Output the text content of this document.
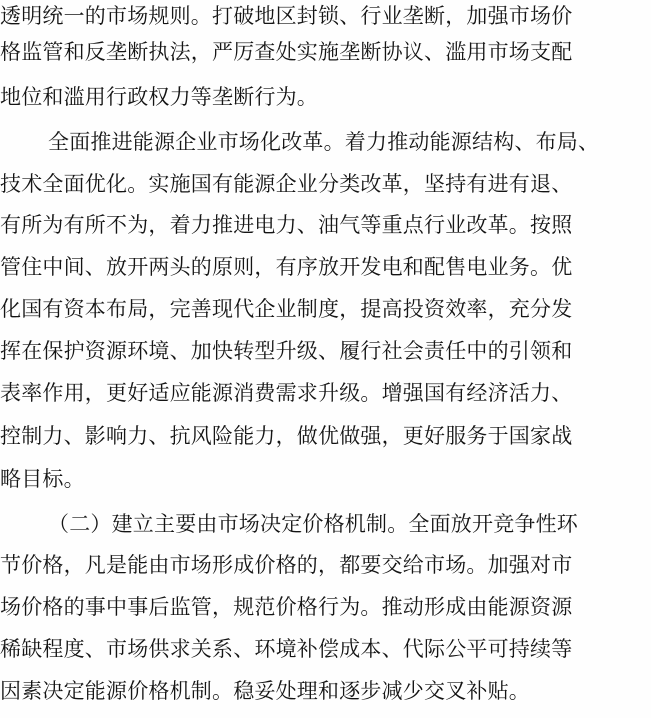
透明统一的市场规则。打破地区封锁、行业垄断，加强市场价
格监管和反垄断执法，严厉查处实施垄断协议、滥用市场支配
地位和滥用行政权力等垄断行为。
全面推进能源企业市场化改革。着力推动能源结构、布局、
技术全面优化。实施国有能源企业分类改革，坚持有进有退、
有所为有所不为，着力推进电力、油气等重点行业改革。按照
管住中间、放开两头的原则，有序放开发电和配售电业务。优
化国有资本布局，完善现代企业制度，提高投资效率，充分发
挥在保护资源环境、加快转型升级、履行社会责任中的引领和
表率作用，更好适应能源消费需求升级。增强国有经济活力、
控制力、影响力、抗风险能力，做优做强，更好服务于国家战
略目标。
（二）建立主要由市场决定价格机制。全面放开竞争性环
节价格，凡是能由市场形成价格的，都要交给市场。加强对市
场价格的事中事后监管，规范价格行为。推动形成由能源资源
稀缺程度、市场供求关系、环境补偿成本、代际公平可持续等
因素决定能源价格机制。稳妥处理和逐步减少交叉补贴。
